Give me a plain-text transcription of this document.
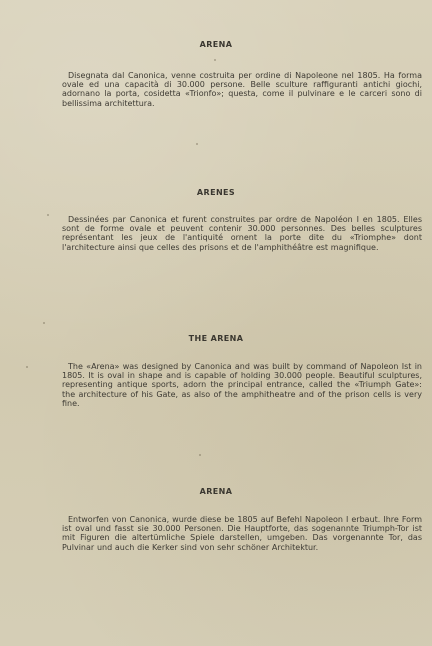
ARENA

Disegnata dal Canonica, venne costruita per ordine di Napoleone nel 1805. Ha forma ovale ed una capacità di 30.000 persone. Belle sculture raffiguranti antichi giochi, adornano la porta, cosidetta «Trionfo»; questa, come il pulvinare e le carceri sono di bellissima architettura.

ARENES

Dessinées par Canonica et furent construites par ordre de Napoléon I en 1805. Elles sont de forme ovale et peuvent contenir 30.000 personnes. Des belles sculptures représentant les jeux de l'antiquité ornent la porte dite du «Triomphe» dont l'architecture ainsi que celles des prisons et de l'amphithéâtre est magnifique.

THE ARENA

The «Arena» was designed by Canonica and was built by command of Napoleon Ist in 1805. It is oval in shape and is capable of holding 30.000 people. Beautiful sculptures, representing antique sports, adorn the principal entrance, called the «Triumph Gate»: the architecture of his Gate, as also of the amphitheatre and of the prison cells is very fine.

ARENA

Entworfen von Canonica, wurde diese be 1805 auf Befehl Napoleon I erbaut. Ihre Form ist oval und fasst sie 30.000 Personen. Die Hauptforte, das sogenannte Triumph-Tor ist mit Figuren die altertümliche Spiele darstellen, umgeben. Das vorgenannte Tor, das Pulvinar und auch die Kerker sind von sehr schöner Architektur.
